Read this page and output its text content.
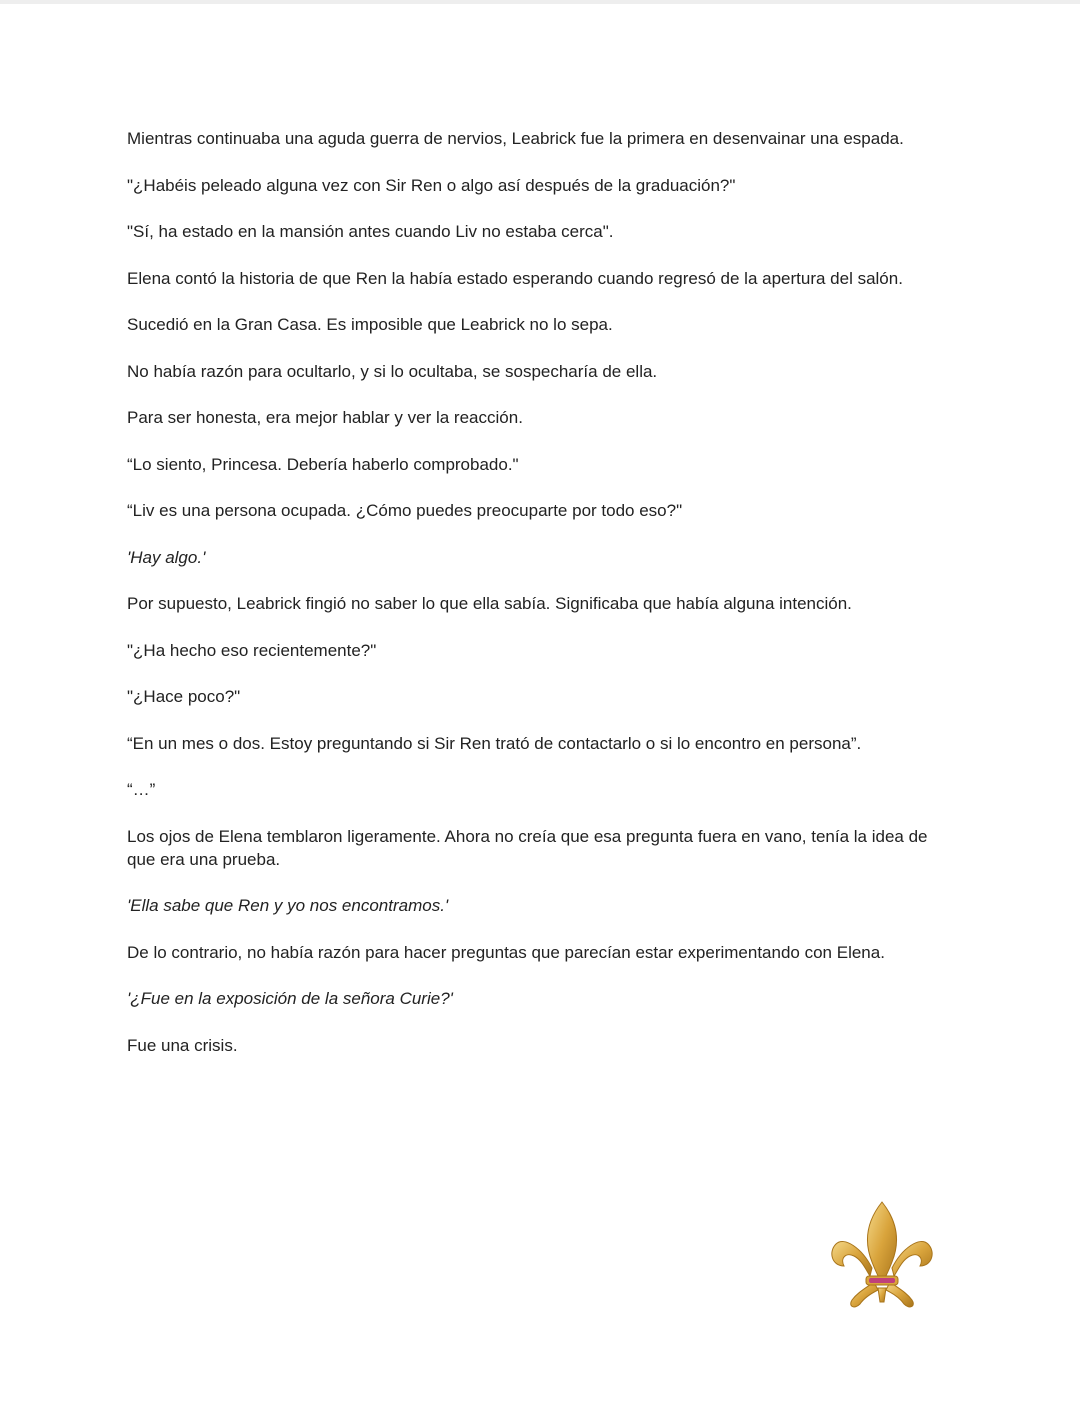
Mientras continuaba una aguda guerra de nervios, Leabrick fue la primera en desenvainar una espada.

"¿Habéis peleado alguna vez con Sir Ren o algo así después de la graduación?"

"Sí, ha estado en la mansión antes cuando Liv no estaba cerca".

Elena contó la historia de que Ren la había estado esperando cuando regresó de la apertura del salón.

Sucedió en la Gran Casa. Es imposible que Leabrick no lo sepa.

No había razón para ocultarlo, y si lo ocultaba, se sospecharía de ella.

Para ser honesta, era mejor hablar y ver la reacción.

“Lo siento, Princesa. Debería haberlo comprobado."

“Liv es una persona ocupada. ¿Cómo puedes preocuparte por todo eso?"

'Hay algo.'

Por supuesto, Leabrick fingió no saber lo que ella sabía. Significaba que había alguna intención.

"¿Ha hecho eso recientemente?"

"¿Hace poco?"

“En un mes o dos. Estoy preguntando si Sir Ren trató de contactarlo o si lo encontro en persona”.

“…”

Los ojos de Elena temblaron ligeramente. Ahora no creía que esa pregunta fuera en vano, tenía la idea de que era una prueba.

'Ella sabe que Ren y yo nos encontramos.'

De lo contrario, no había razón para hacer preguntas que parecían estar experimentando con Elena.

'¿Fue en la exposición de la señora Curie?'

Fue una crisis.
